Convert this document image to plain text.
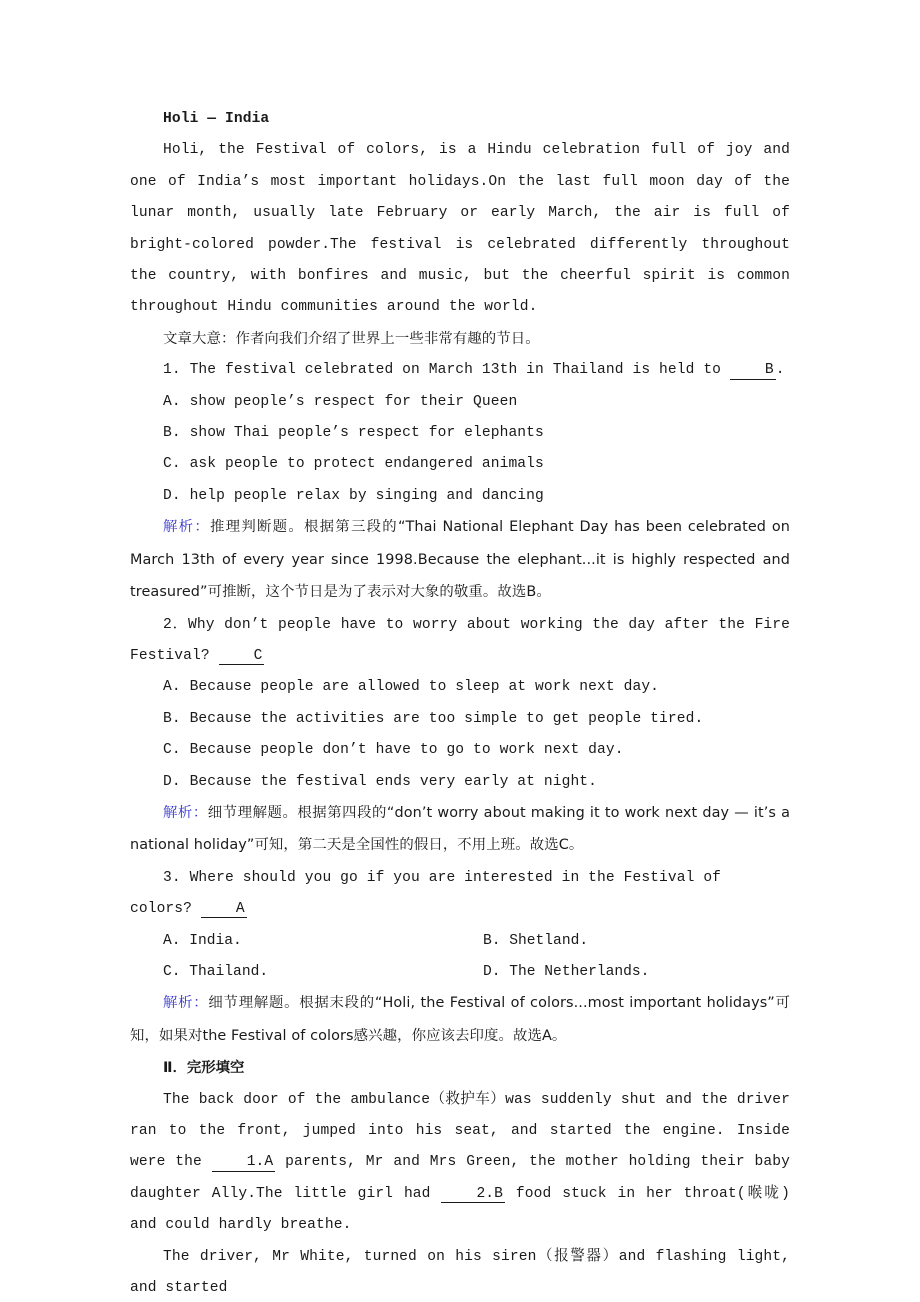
Holi — India
Holi, the Festival of colors, is a Hindu celebration full of joy and one of India’s most important holidays.On the last full moon day of the lunar month, usually late February or early March, the air is full of bright-colored powder.The festival is celebrated differently throughout the country, with bonfires and music, but the cheerful spirit is common throughout Hindu communities around the world.
文章大意：作者向我们介绍了世界上一些非常有趣的节日。
1. The festival celebrated on March 13th in Thailand is held to B .
A. show people’s respect for their Queen
B. show Thai people’s respect for elephants
C. ask people to protect endangered animals
D. help people relax by singing and dancing
解析：推理判断题。根据第三段的“Thai National Elephant Day has been celebrated on March 13th of every year since 1998.Because the elephant...it is highly respected and treasured”可推断，这个节日是为了表示对大象的敬重。故选B。
2．Why don’t people have to worry about working the day after the Fire Festival? C
A. Because people are allowed to sleep at work next day.
B. Because the activities are too simple to get people tired.
C. Because people don’t have to go to work next day.
D. Because the festival ends very early at night.
解析：细节理解题。根据第四段的“don’t worry about making it to work next day — it’s a national holiday”可知，第二天是全国性的假日，不用上班。故选C。
3. Where should you go if you are interested in the Festival of colors? A
A. India.	B. Shetland.
C. Thailand.	D. The Netherlands.
解析：细节理解题。根据末段的“Holi, the Festival of colors...most important holidays”可知，如果对the Festival of colors感兴趣，你应该去印度。故选A。
Ⅱ．完形填空
The back door of the ambulance（救护车）was suddenly shut and the driver ran to the front, jumped into his seat, and started the engine. Inside were the 1.A parents, Mr and Mrs Green, the mother holding their baby daughter Ally.The little girl had 2.B food stuck in her throat(喉咙) and could hardly breathe.
The driver, Mr White, turned on his siren（报警器）and flashing light, and started
